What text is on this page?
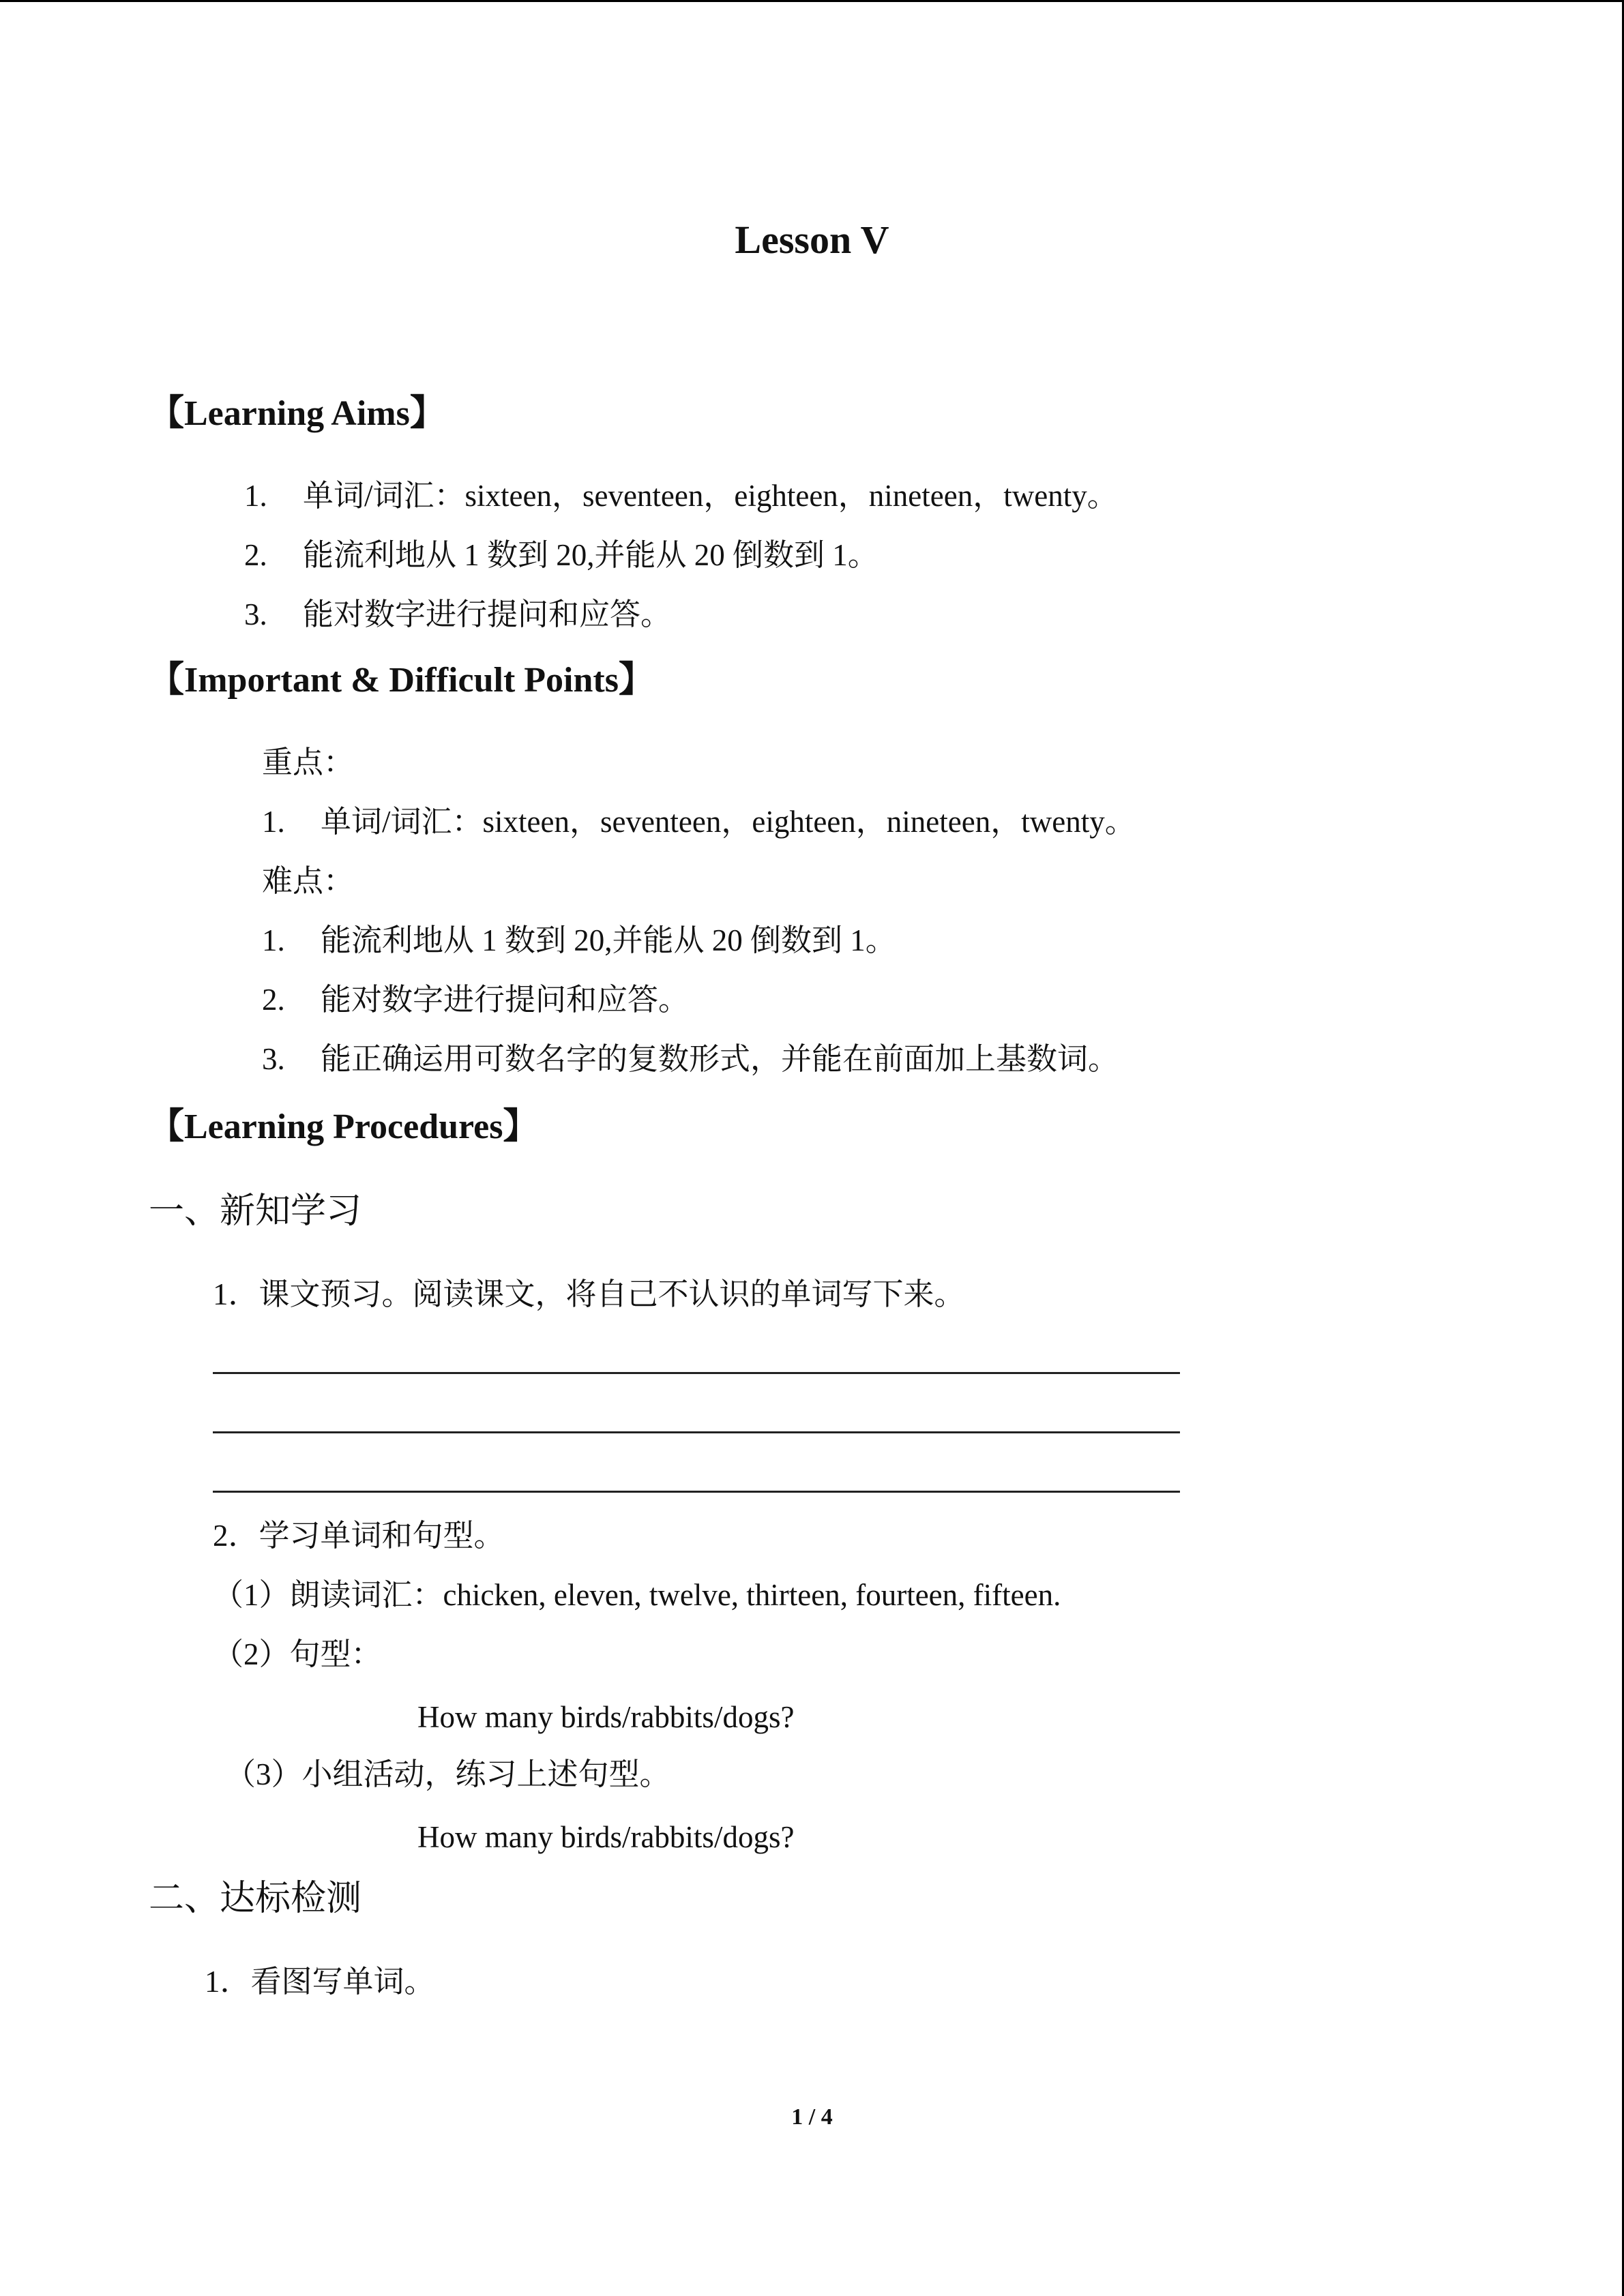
Lesson V
【Learning Aims】
1. 单词/词汇：sixteen，seventeen，eighteen，nineteen，twenty。
2. 能流利地从 1 数到 20,并能从 20 倒数到 1。
3. 能对数字进行提问和应答。
【Important & Difficult Points】
重点：
1. 单词/词汇：sixteen，seventeen，eighteen，nineteen，twenty。
难点：
1. 能流利地从 1 数到 20,并能从 20 倒数到 1。
2. 能对数字进行提问和应答。
3. 能正确运用可数名字的复数形式，并能在前面加上基数词。
【Learning Procedures】
一、新知学习
1．课文预习。阅读课文，将自己不认识的单词写下来。
2．学习单词和句型。
（1）朗读词汇：chicken, eleven, twelve, thirteen, fourteen, fifteen.
（2）句型：
How many birds/rabbits/dogs?
（3）小组活动，练习上述句型。
How many birds/rabbits/dogs?
二、达标检测
1．看图写单词。
1 / 4
